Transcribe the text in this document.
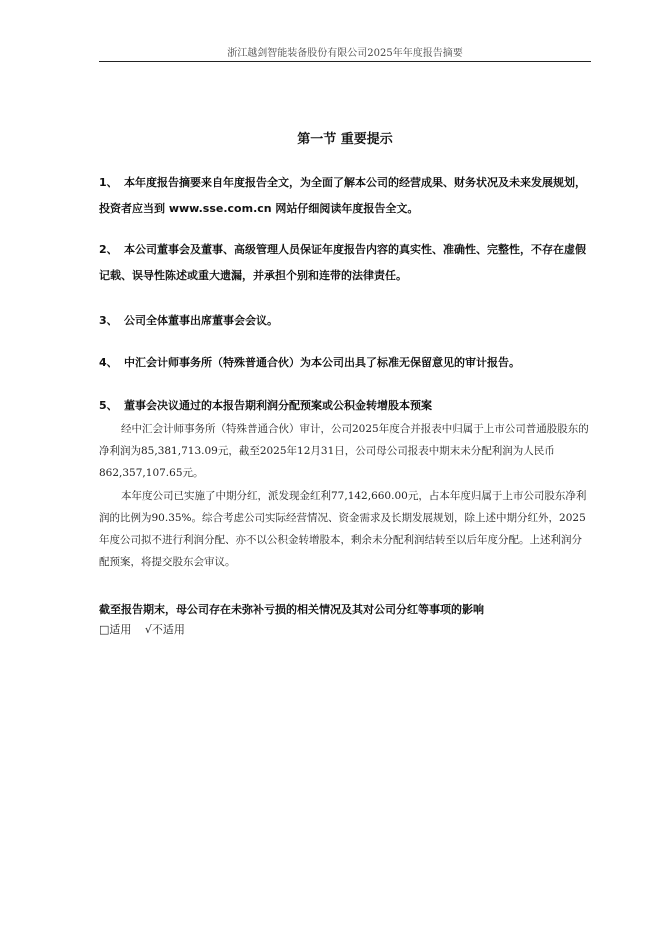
浙江越剑智能装备股份有限公司2025年年度报告摘要
第一节 重要提示
1、 本年度报告摘要来自年度报告全文，为全面了解本公司的经营成果、财务状况及未来发展规划，投资者应当到 www.sse.com.cn 网站仔细阅读年度报告全文。
2、 本公司董事会及董事、高级管理人员保证年度报告内容的真实性、准确性、完整性，不存在虚假记载、误导性陈述或重大遗漏，并承担个别和连带的法律责任。
3、 公司全体董事出席董事会会议。
4、 中汇会计师事务所（特殊普通合伙）为本公司出具了标准无保留意见的审计报告。
5、 董事会决议通过的本报告期利润分配预案或公积金转增股本预案
经中汇会计师事务所（特殊普通合伙）审计，公司2025年度合并报表中归属于上市公司普通股股东的净利润为85,381,713.09元，截至2025年12月31日，公司母公司报表中期末未分配利润为人民币862,357,107.65元。
本年度公司已实施了中期分红，派发现金红利77,142,660.00元，占本年度归属于上市公司股东净利润的比例为90.35%。综合考虑公司实际经营情况、资金需求及长期发展规划，除上述中期分红外，2025年度公司拟不进行利润分配、亦不以公积金转增股本，剩余未分配利润结转至以后年度分配。上述利润分配预案，将提交股东会审议。
截至报告期末，母公司存在未弥补亏损的相关情况及其对公司分红等事项的影响
□适用 √不适用
